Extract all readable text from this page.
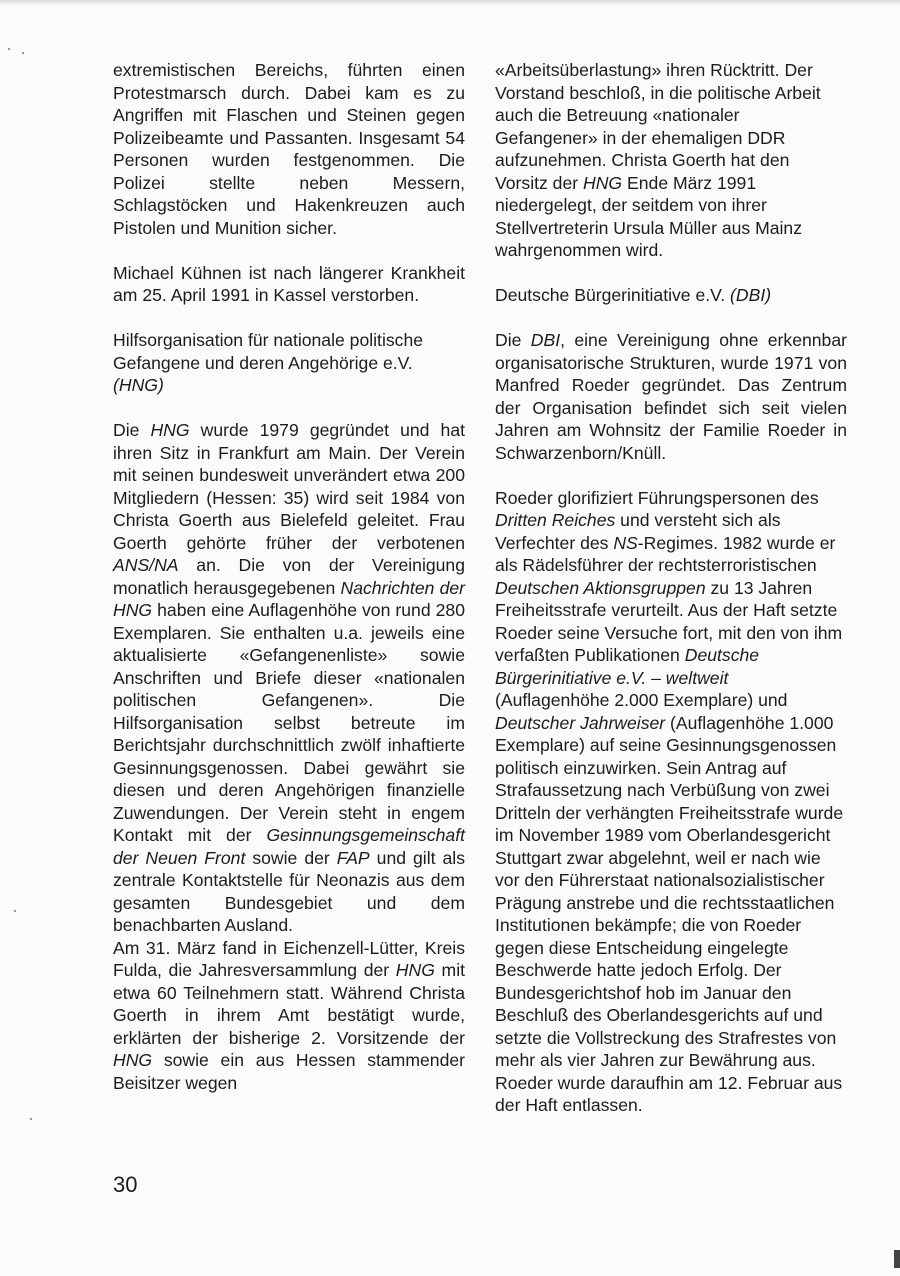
extremistischen Bereichs, führten einen Protestmarsch durch. Dabei kam es zu Angriffen mit Flaschen und Steinen gegen Polizeibeamte und Passanten. Insgesamt 54 Personen wurden festgenommen. Die Polizei stellte neben Messern, Schlagstöcken und Hakenkreuzen auch Pistolen und Munition sicher.

Michael Kühnen ist nach längerer Krankheit am 25. April 1991 in Kassel verstorben.

Hilfsorganisation für nationale politische Gefangene und deren Angehörige e.V.
(HNG)

Die HNG wurde 1979 gegründet und hat ihren Sitz in Frankfurt am Main. Der Verein mit seinen bundesweit unverändert etwa 200 Mitgliedern (Hessen: 35) wird seit 1984 von Christa Goerth aus Bielefeld geleitet. Frau Goerth gehörte früher der verbotenen ANS/NA an. Die von der Vereinigung monatlich herausgegebenen Nachrichten der HNG haben eine Auflagenhöhe von rund 280 Exemplaren. Sie enthalten u.a. jeweils eine aktualisierte «Gefangenenliste» sowie Anschriften und Briefe dieser «nationalen politischen Gefangenen». Die Hilfsorganisation selbst betreute im Berichtsjahr durchschnittlich zwölf inhaftierte Gesinnungsgenossen. Dabei gewährt sie diesen und deren Angehörigen finanzielle Zuwendungen. Der Verein steht in engem Kontakt mit der Gesinnungsgemeinschaft der Neuen Front sowie der FAP und gilt als zentrale Kontaktstelle für Neonazis aus dem gesamten Bundesgebiet und dem benachbarten Ausland.

Am 31. März fand in Eichenzell-Lütter, Kreis Fulda, die Jahresversammlung der HNG mit etwa 60 Teilnehmern statt. Während Christa Goerth in ihrem Amt bestätigt wurde, erklärten der bisherige 2. Vorsitzende der HNG sowie ein aus Hessen stammender Beisitzer wegen

«Arbeitsüberlastung» ihren Rücktritt. Der Vorstand beschloß, in die politische Arbeit auch die Betreuung «nationaler Gefangener» in der ehemaligen DDR aufzunehmen. Christa Goerth hat den Vorsitz der HNG Ende März 1991 niedergelegt, der seitdem von ihrer Stellvertreterin Ursula Müller aus Mainz wahrgenommen wird.

Deutsche Bürgerinitiative e.V. (DBI)

Die DBI, eine Vereinigung ohne erkennbar organisatorische Strukturen, wurde 1971 von Manfred Roeder gegründet. Das Zentrum der Organisation befindet sich seit vielen Jahren am Wohnsitz der Familie Roeder in Schwarzenborn/Knüll.

Roeder glorifiziert Führungspersonen des Dritten Reiches und versteht sich als Verfechter des NS-Regimes. 1982 wurde er als Rädelsführer der rechtsterroristischen Deutschen Aktionsgruppen zu 13 Jahren Freiheitsstrafe verurteilt. Aus der Haft setzte Roeder seine Versuche fort, mit den von ihm verfaßten Publikationen Deutsche Bürgerinitiative e.V. – weltweit (Auflagenhöhe 2.000 Exemplare) und Deutscher Jahrweiser (Auflagenhöhe 1.000 Exemplare) auf seine Gesinnungsgenossen politisch einzuwirken. Sein Antrag auf Strafaussetzung nach Verbüßung von zwei Dritteln der verhängten Freiheitsstrafe wurde im November 1989 vom Oberlandesgericht Stuttgart zwar abgelehnt, weil er nach wie vor den Führerstaat nationalsozialistischer Prägung anstrebe und die rechtsstaatlichen Institutionen bekämpfe; die von Roeder gegen diese Entscheidung eingelegte Beschwerde hatte jedoch Erfolg. Der Bundesgerichtshof hob im Januar den Beschluß des Oberlandesgerichts auf und setzte die Vollstreckung des Strafrestes von mehr als vier Jahren zur Bewährung aus. Roeder wurde daraufhin am 12. Februar aus der Haft entlassen.

30
